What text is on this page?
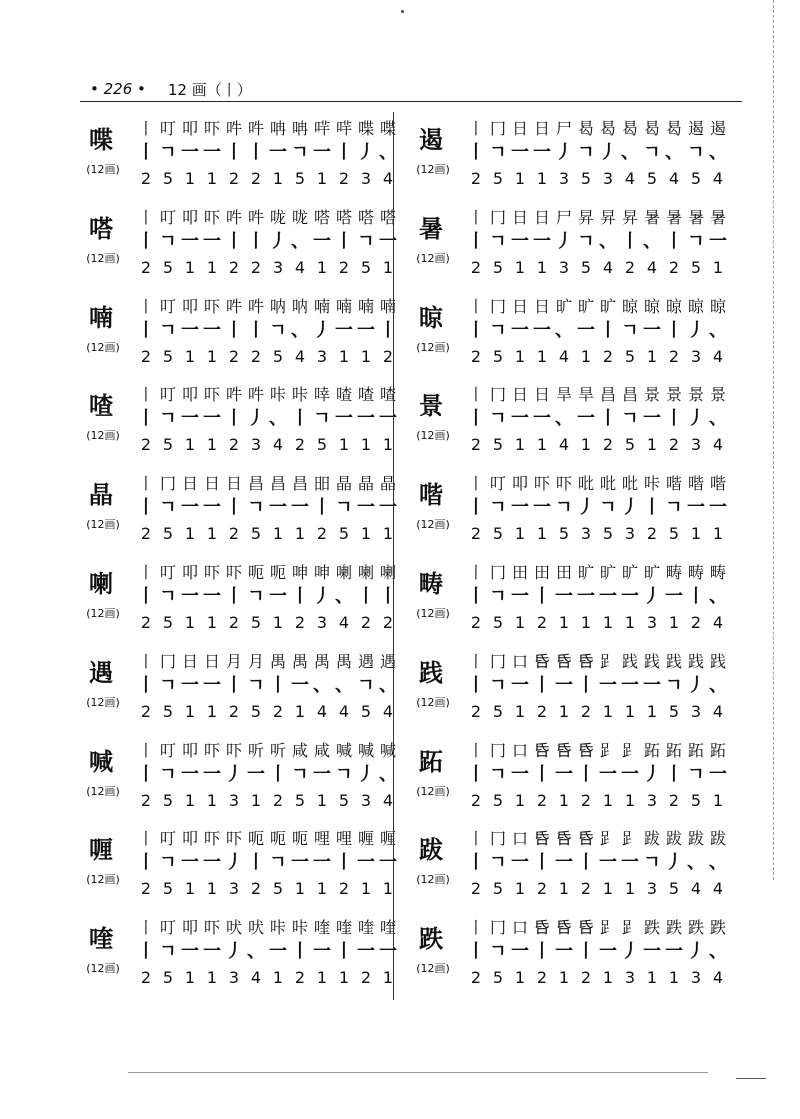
• 226 • 12 画（丨）
喋
(12画)
丨 叮 叩 吓 吽 吽 呥 呥 哶 哶 喋 喋
丨 ㄱ 一 一 丨 丨 一 ㄱ 一 丨 丿 、
2 5 1 1 2 2 1 5 1 2 3 4
嗒
(12画)
丨 叮 叩 吓 吽 吽 咙 咙 嗒 嗒 嗒 嗒
丨 ㄱ 一 一 丨 丨 丿 、 一 丨 ㄱ 一
2 5 1 1 2 2 3 4 1 2 5 1
喃
(12画)
丨 叮 叩 吓 吽 吽 呐 呐 喃 喃 喃 喃
丨 ㄱ 一 一 丨 丨 ㄱ 、 丿 一 一 丨
2 5 1 1 2 2 5 4 3 1 1 2
喳
(12画)
丨 叮 叩 吓 吽 吽 咔 咔 啈 喳 喳 喳
丨 ㄱ 一 一 丨 丿 、 丨 ㄱ 一 一 一
2 5 1 1 2 3 4 2 5 1 1 1
晶
(12画)
丨 冂 日 日 日 昌 昌 昌 昍 晶 晶 晶
丨 ㄱ 一 一 丨 ㄱ 一 一 丨 ㄱ 一 一
2 5 1 1 2 5 1 1 2 5 1 1
喇
(12画)
丨 叮 叩 吓 吓 呃 呃 呻 呻 喇 喇 喇
丨 ㄱ 一 一 丨 ㄱ 一 丨 丿 、 丨 丨
2 5 1 1 2 5 1 2 3 4 2 2
遇
(12画)
丨 冂 日 日 月 月 禺 禺 禺 禺 遇 遇
丨 ㄱ 一 一 丨 ㄱ 丨 一 、 、 ㄱ 、
2 5 1 1 2 5 2 1 4 4 5 4
喊
(12画)
丨 叮 叩 吓 吓 听 听 咸 咸 喊 喊 喊
丨 ㄱ 一 一 丿 一 丨 ㄱ 一 ㄱ 丿 、
2 5 1 1 3 1 2 5 1 5 3 4
喱
(12画)
丨 叮 叩 吓 吓 呃 呃 呃 哩 哩 喱 喱
丨 ㄱ 一 一 丿 丨 ㄱ 一 一 丨 一 一
2 5 1 1 3 2 5 1 1 2 1 1
喹
(12画)
丨 叮 叩 吓 吠 吠 咔 咔 喹 喹 喹 喹
丨 ㄱ 一 一 丿 、 一 丨 一 丨 一 一
2 5 1 1 3 4 1 2 1 1 2 1
遏
(12画)
丨 冂 日 日 尸 曷 曷 曷 曷 曷 遏 遏
丨 ㄱ 一 一 丿 ㄱ 丿 、 ㄱ 、 ㄱ 、
2 5 1 1 3 5 3 4 5 4 5 4
暑
(12画)
丨 冂 日 日 尸 昇 昇 昇 暑 暑 暑 暑
丨 ㄱ 一 一 丿 ㄱ 、 丨 、 丨 ㄱ 一
2 5 1 1 3 5 4 2 4 2 5 1
晾
(12画)
丨 冂 日 日 旷 旷 旷 晾 晾 晾 晾 晾
丨 ㄱ 一 一 、 一 丨 ㄱ 一 丨 丿 、
2 5 1 1 4 1 2 5 1 2 3 4
景
(12画)
丨 冂 日 日 旱 旱 昌 昌 景 景 景 景
丨 ㄱ 一 一 、 一 丨 ㄱ 一 丨 丿 、
2 5 1 1 4 1 2 5 1 2 3 4
喈
(12画)
丨 叮 叩 吓 吓 吡 吡 吡 咔 喈 喈 喈
丨 ㄱ 一 一 ㄱ 丿 ㄱ 丿 丨 ㄱ 一 一
2 5 1 1 5 3 5 3 2 5 1 1
畴
(12画)
丨 冂 田 田 田 旷 旷 旷 旷 畴 畴 畴
丨 ㄱ 一 丨 一 一 一 一 丿 一 丨 、
2 5 1 2 1 1 1 1 3 1 2 4
践
(12画)
丨 冂 口 𠯑 𠯑 𠯑 𧾷 践 践 践 践 践
丨 ㄱ 一 丨 一 丨 一 一 一 ㄱ 丿 、
2 5 1 2 1 2 1 1 1 5 3 4
跖
(12画)
丨 冂 口 𠯑 𠯑 𠯑 𧾷 𧾷 跖 跖 跖 跖
丨 ㄱ 一 丨 一 丨 一 一 丿 丨 ㄱ 一
2 5 1 2 1 2 1 1 3 2 5 1
跋
(12画)
丨 冂 口 𠯑 𠯑 𠯑 𧾷 𧾷 跋 跋 跋 跋
丨 ㄱ 一 丨 一 丨 一 一 ㄱ 丿 、 、
2 5 1 2 1 2 1 1 3 5 4 4
跌
(12画)
丨 冂 口 𠯑 𠯑 𠯑 𧾷 𧾷 跌 跌 跌 跌
丨 ㄱ 一 丨 一 丨 一 丿 一 一 丿 、
2 5 1 2 1 2 1 3 1 1 3 4
